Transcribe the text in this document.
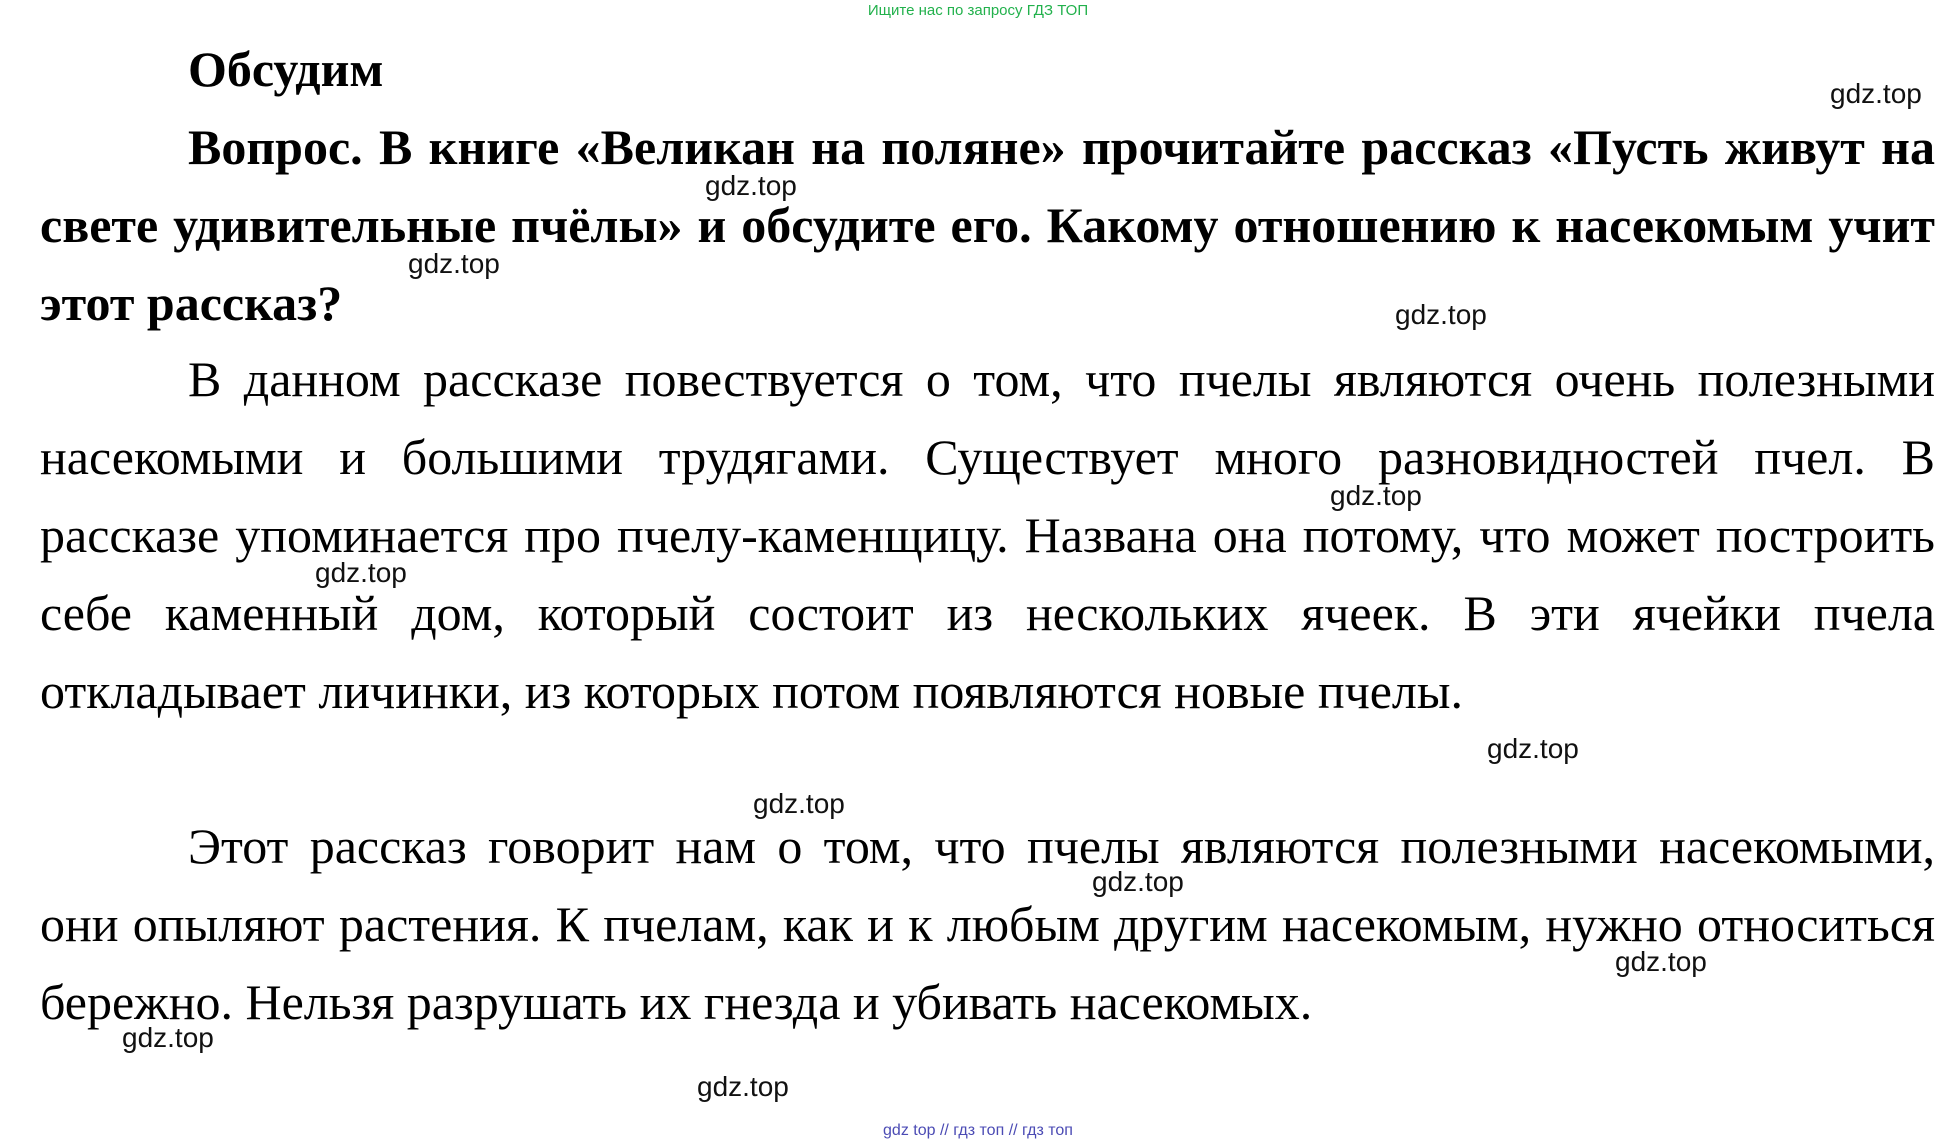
Ищите нас по запросу ГДЗ ТОП
Обсудим

Вопрос. В книге «Великан на поляне» прочитайте рассказ «Пусть живут на свете удивительные пчёлы» и обсудите его. Какому отношению к насекомым учит этот рассказ?

В данном рассказе повествуется о том, что пчелы являются очень полезными насекомыми и большими трудягами. Существует много разновидностей пчел. В рассказе упоминается про пчелу-каменщицу. Названа она потому, что может построить себе каменный дом, который состоит из нескольких ячеек. В эти ячейки пчела откладывает личинки, из которых потом появляются новые пчелы.

Этот рассказ говорит нам о том, что пчелы являются полезными насекомыми, они опыляют растения. К пчелам, как и к любым другим насекомым, нужно относиться бережно. Нельзя разрушать их гнезда и убивать насекомых.

gdz.top
gdz.top
gdz.top
gdz.top
gdz.top
gdz.top
gdz.top
gdz.top
gdz.top
gdz.top
gdz.top
gdz.top
gdz top // гдз топ // гдз топ
